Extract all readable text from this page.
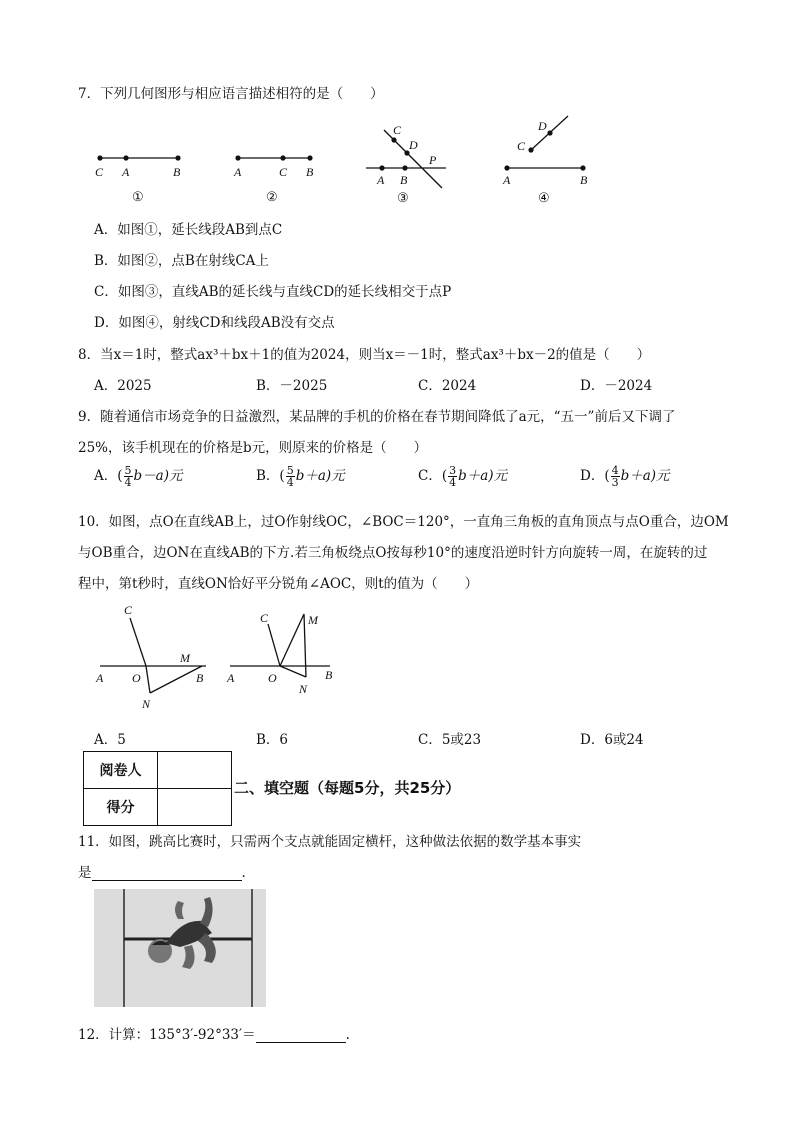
7．下列几何图形与相应语言描述相符的是（　　）
C A	B
①
A	C B
②
C
D
P
A B
③
D
C
A	B
④
A．如图①，延长线段AB到点C
B．如图②，点B在射线CA上
C．如图③，直线AB的延长线与直线CD的延长线相交于点P
D．如图④，射线CD和线段AB没有交点
8．当x＝1时，整式ax³＋bx＋1的值为2024，则当x＝－1时，整式ax³＋bx－2的值是（　　）
A．2025	B．－2025	C．2024	D．－2024
9．随着通信市场竞争的日益激烈，某品牌的手机的价格在春节期间降低了a元，“五一”前后又下调了
25%，该手机现在的价格是b元，则原来的价格是（　　）
A．( $\frac{5}{4} b-a$)元	B．( $\frac{5}{4} b+a$)元	C．( $\frac{3}{4} b+a$)元	D．( $\frac{4}{3} b+a$)元
10．如图，点O在直线AB上，过O作射线OC，∠BOC＝120°，一直角三角板的直角顶点与点O重合，边OM
与OB重合，边ON在直线AB的下方.若三角板绕点O按每秒10°的速度沿逆时针方向旋转一周，在旋转的过
程中，第t秒时，直线ON恰好平分锐角∠AOC，则t的值为（　　）
C
M
A O	B
N
C	M
A	O	B
N
A．5	B．6	C．5或23	D．6或24
阅卷人	
得分	
二、填空题（每题5分，共25分）
11．如图，跳高比赛时，只需两个支点就能固定横杆，这种做法依据的数学基本事实
是	.
12．计算：135°3′-92°33′＝	.
